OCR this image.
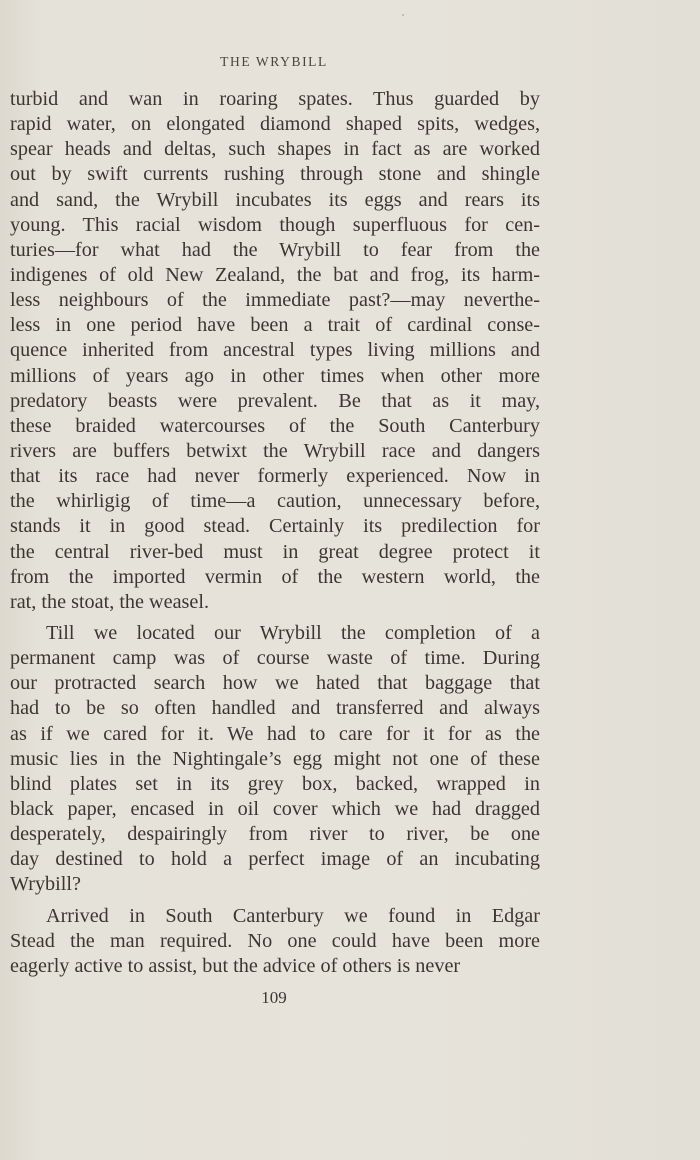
THE WRYBILL
turbid and wan in roaring spates. Thus guarded by
rapid water, on elongated diamond shaped spits, wedges,
spear heads and deltas, such shapes in fact as are worked
out by swift currents rushing through stone and shingle
and sand, the Wrybill incubates its eggs and rears its
young. This racial wisdom though superfluous for cen-
turies—for what had the Wrybill to fear from the
indigenes of old New Zealand, the bat and frog, its harm-
less neighbours of the immediate past?—may neverthe-
less in one period have been a trait of cardinal conse-
quence inherited from ancestral types living millions and
millions of years ago in other times when other more
predatory beasts were prevalent. Be that as it may,
these braided watercourses of the South Canterbury
rivers are buffers betwixt the Wrybill race and dangers
that its race had never formerly experienced. Now in
the whirligig of time—a caution, unnecessary before,
stands it in good stead. Certainly its predilection for
the central river-bed must in great degree protect it
from the imported vermin of the western world, the
rat, the stoat, the weasel.
Till we located our Wrybill the completion of a
permanent camp was of course waste of time. During
our protracted search how we hated that baggage that
had to be so often handled and transferred and always
as if we cared for it. We had to care for it for as the
music lies in the Nightingale’s egg might not one of these
blind plates set in its grey box, backed, wrapped in
black paper, encased in oil cover which we had dragged
desperately, despairingly from river to river, be one
day destined to hold a perfect image of an incubating
Wrybill?
Arrived in South Canterbury we found in Edgar
Stead the man required. No one could have been more
eagerly active to assist, but the advice of others is never
109
